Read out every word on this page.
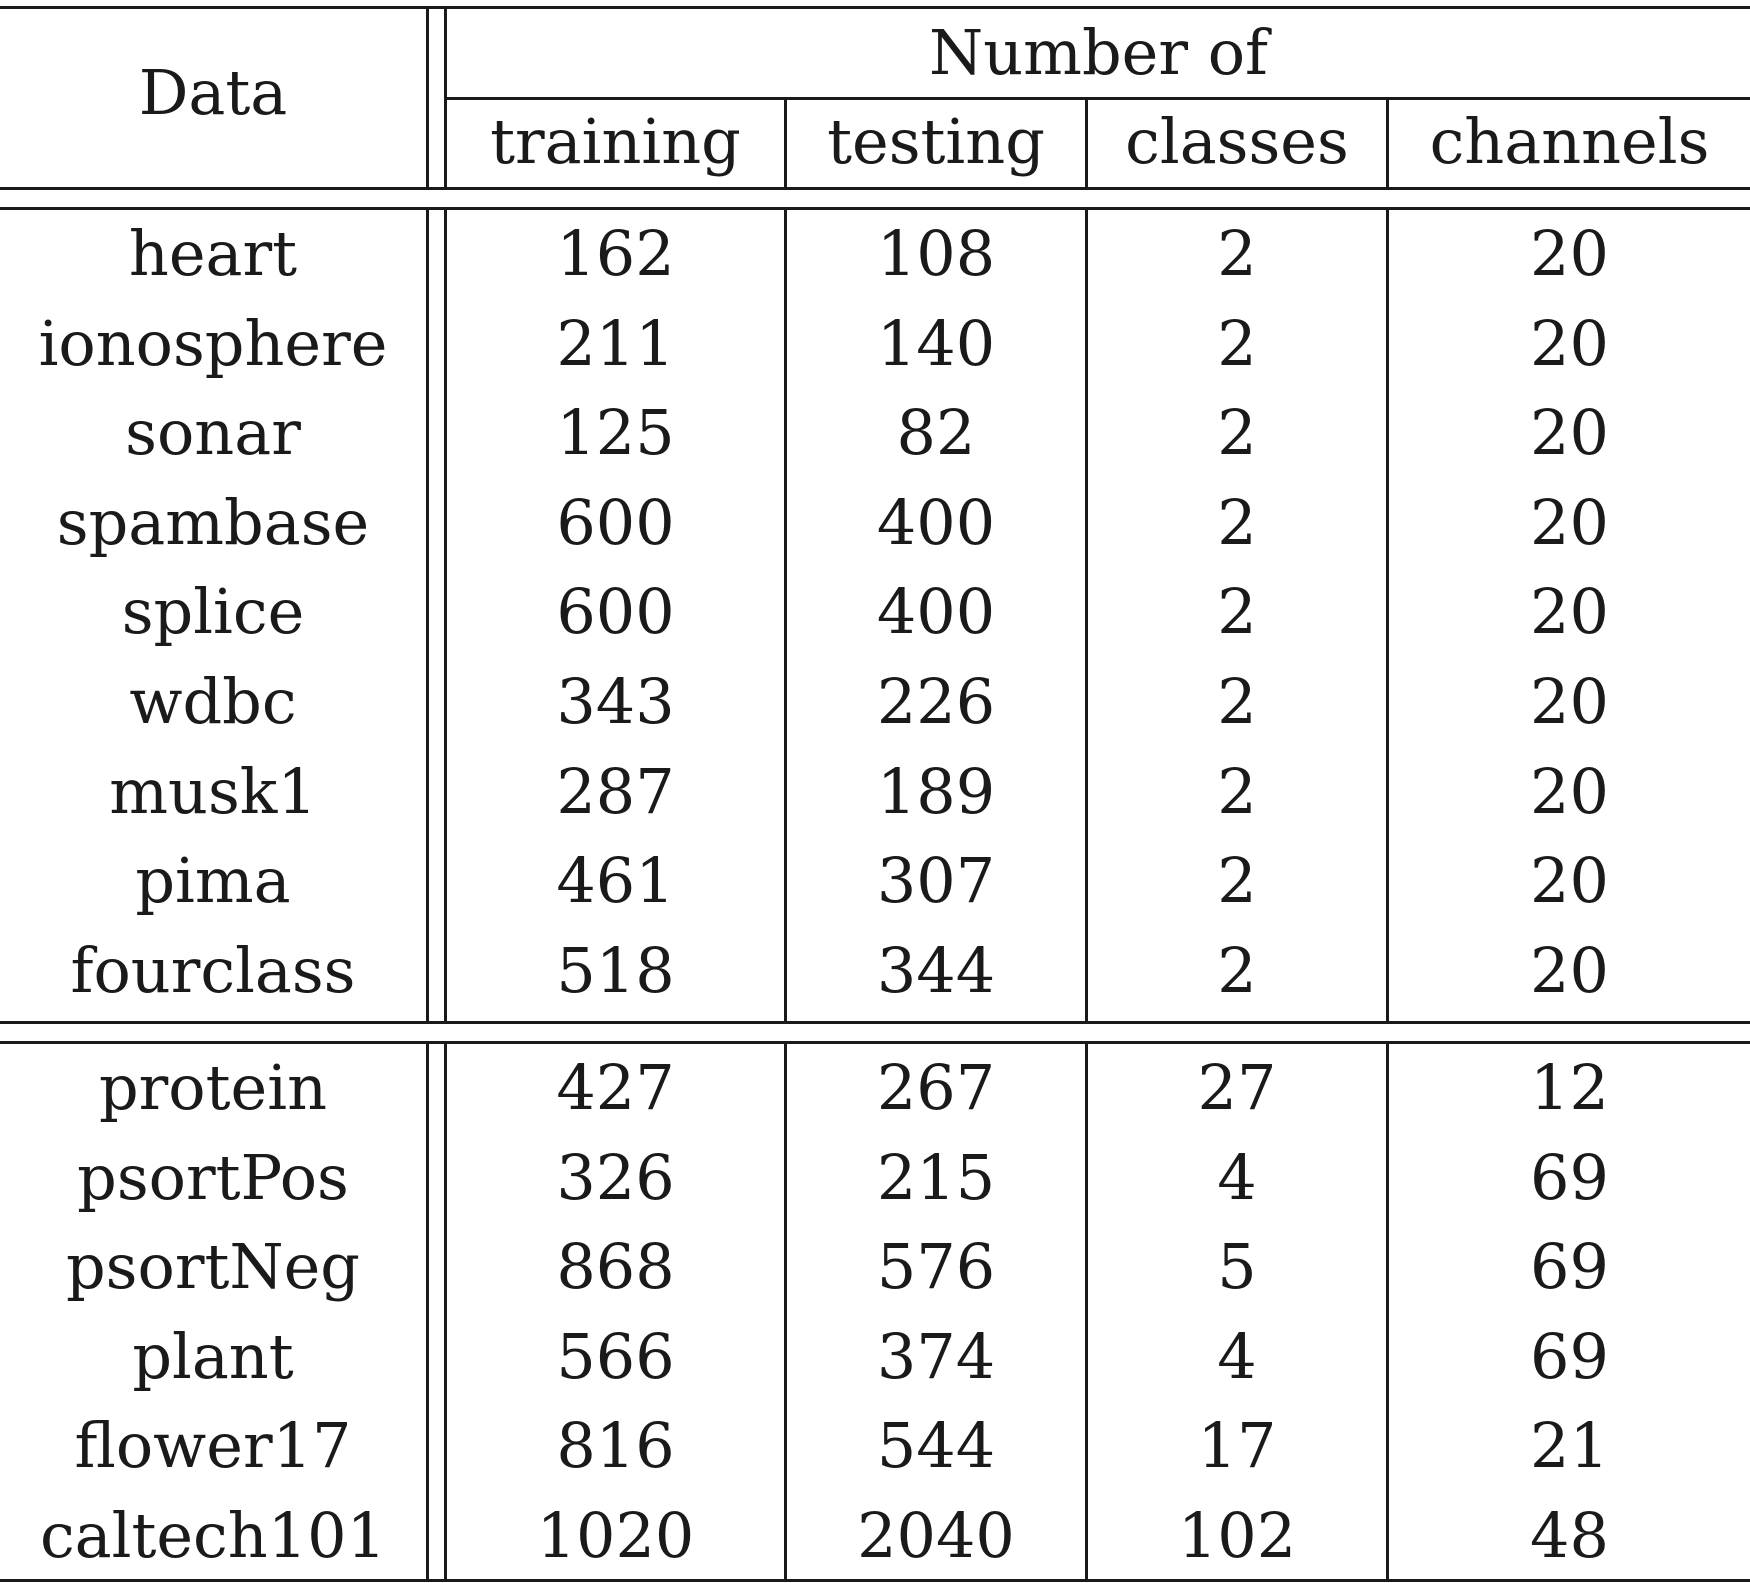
Data
Number of
training	testing	classes	channels
heart	162	108	2	20
ionosphere	211	140	2	20
sonar	125	82	2	20
spambase	600	400	2	20
splice	600	400	2	20
wdbc	343	226	2	20
musk1	287	189	2	20
pima	461	307	2	20
fourclass	518	344	2	20
protein	427	267	27	12
psortPos	326	215	4	69
psortNeg	868	576	5	69
plant	566	374	4	69
flower17	816	544	17	21
caltech101	1020	2040	102	48
